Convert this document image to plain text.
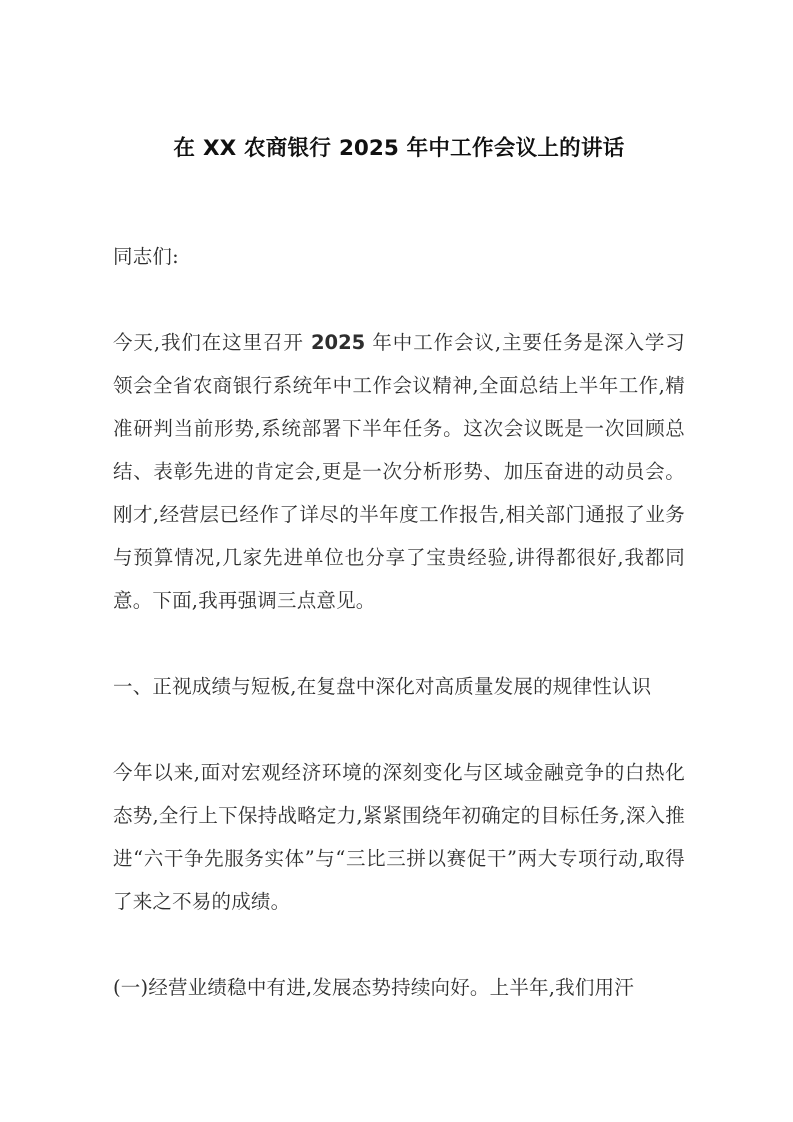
在 XX 农商银行 2025 年中工作会议上的讲话

同志们:

今天,我们在这里召开 2025 年中工作会议,主要任务是深入学习领会全省农商银行系统年中工作会议精神,全面总结上半年工作,精准研判当前形势,系统部署下半年任务。这次会议既是一次回顾总结、表彰先进的肯定会,更是一次分析形势、加压奋进的动员会。刚才,经营层已经作了详尽的半年度工作报告,相关部门通报了业务与预算情况,几家先进单位也分享了宝贵经验,讲得都很好,我都同意。下面,我再强调三点意见。

一、正视成绩与短板,在复盘中深化对高质量发展的规律性认识

今年以来,面对宏观经济环境的深刻变化与区域金融竞争的白热化态势,全行上下保持战略定力,紧紧围绕年初确定的目标任务,深入推进“六干争先服务实体”与“三比三拼以赛促干”两大专项行动,取得了来之不易的成绩。

(一)经营业绩稳中有进,发展态势持续向好。上半年,我们用汗
